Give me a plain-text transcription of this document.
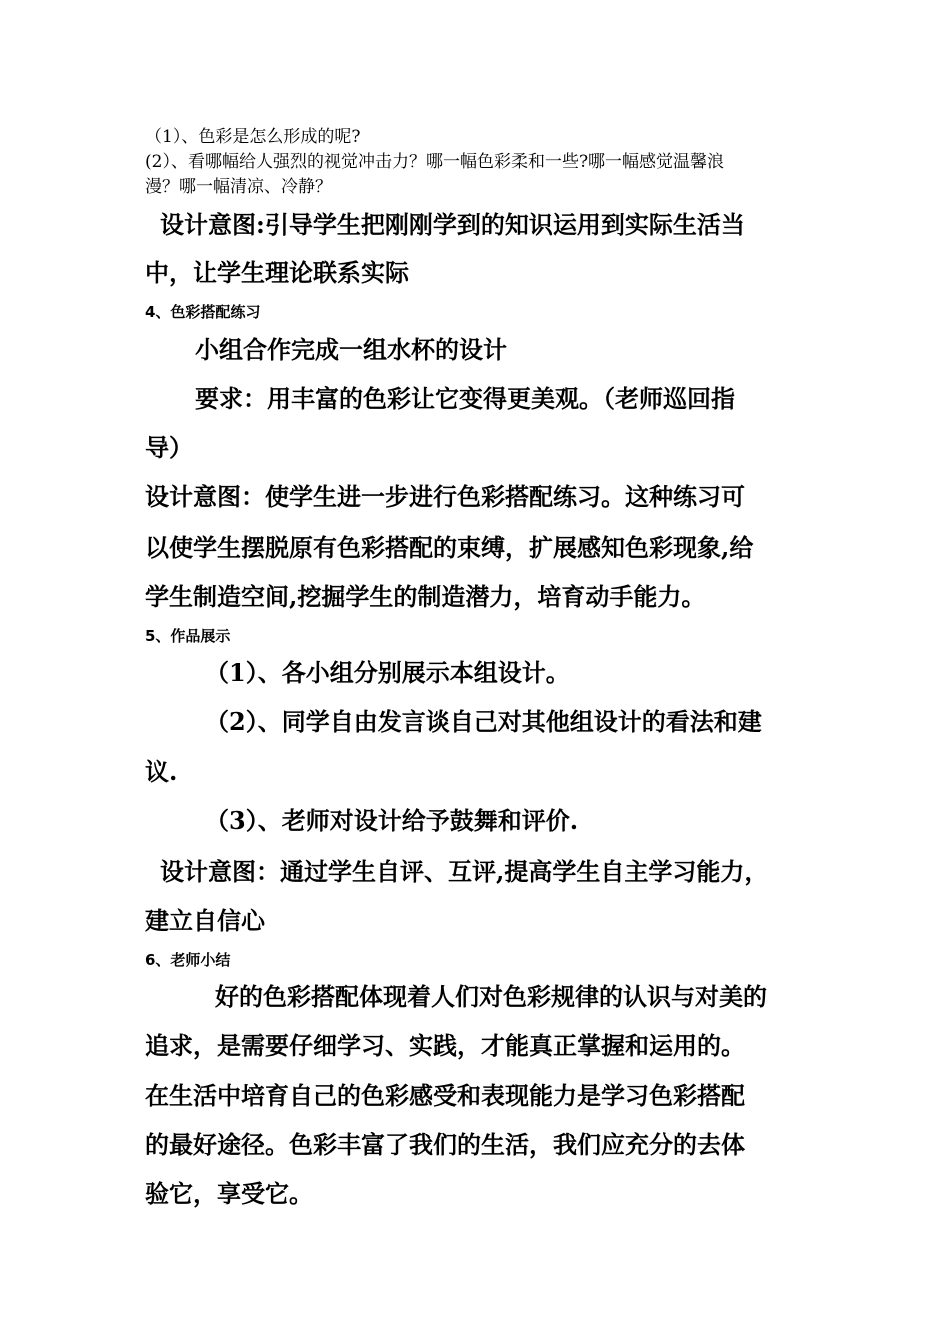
（1）、色彩是怎么形成的呢?

(2）、看哪幅给人强烈的视觉冲击力？哪一幅色彩柔和一些?哪一幅感觉温馨浪

漫？哪一幅清凉、冷静？

设计意图:引导学生把刚刚学到的知识运用到实际生活当

中，让学生理论联系实际

4、色彩搭配练习

小组合作完成一组水杯的设计

要求：用丰富的色彩让它变得更美观。（老师巡回指

导）

设计意图：使学生进一步进行色彩搭配练习。这种练习可

以使学生摆脱原有色彩搭配的束缚，扩展感知色彩现象,给

学生制造空间,挖掘学生的制造潜力，培育动手能力。

5、作品展示

（1）、各小组分别展示本组设计。

（2）、同学自由发言谈自己对其他组设计的看法和建

议.

（3）、老师对设计给予鼓舞和评价.

设计意图：通过学生自评、互评,提高学生自主学习能力，

建立自信心

6、老师小结

好的色彩搭配体现着人们对色彩规律的认识与对美的

追求，是需要仔细学习、实践，才能真正掌握和运用的。

在生活中培育自己的色彩感受和表现能力是学习色彩搭配

的最好途径。色彩丰富了我们的生活，我们应充分的去体

验它，享受它。
